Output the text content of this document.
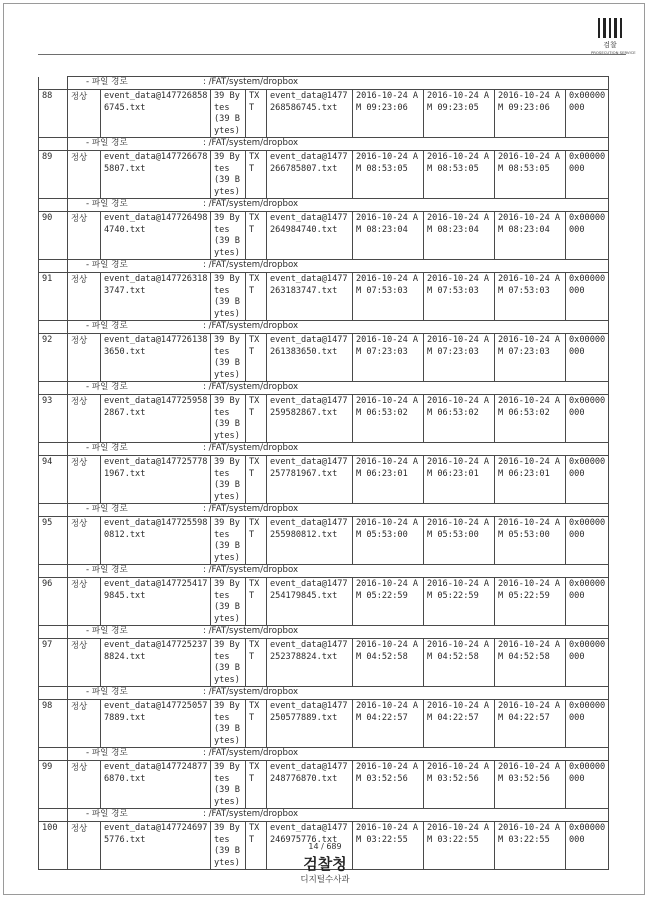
검찰
PROSECUTION SERVICE
	- 파일 경로 : /FAT/system/dropbox								
88	정상	event_data@1477268586745.txt	39 Bytes (39 Bytes)	TXT	event_data@1477268586745.txt	2016-10-24 AM 09:23:06	2016-10-24 AM 09:23:05	2016-10-24 AM 09:23:06	0x00000000
	- 파일 경로 : /FAT/system/dropbox								
89	정상	event_data@1477266785807.txt	39 Bytes (39 Bytes)	TXT	event_data@1477266785807.txt	2016-10-24 AM 08:53:05	2016-10-24 AM 08:53:05	2016-10-24 AM 08:53:05	0x00000000
	- 파일 경로 : /FAT/system/dropbox								
90	정상	event_data@1477264984740.txt	39 Bytes (39 Bytes)	TXT	event_data@1477264984740.txt	2016-10-24 AM 08:23:04	2016-10-24 AM 08:23:04	2016-10-24 AM 08:23:04	0x00000000
	- 파일 경로 : /FAT/system/dropbox								
91	정상	event_data@1477263183747.txt	39 Bytes (39 Bytes)	TXT	event_data@1477263183747.txt	2016-10-24 AM 07:53:03	2016-10-24 AM 07:53:03	2016-10-24 AM 07:53:03	0x00000000
	- 파일 경로 : /FAT/system/dropbox								
92	정상	event_data@1477261383650.txt	39 Bytes (39 Bytes)	TXT	event_data@1477261383650.txt	2016-10-24 AM 07:23:03	2016-10-24 AM 07:23:03	2016-10-24 AM 07:23:03	0x00000000
	- 파일 경로 : /FAT/system/dropbox								
93	정상	event_data@1477259582867.txt	39 Bytes (39 Bytes)	TXT	event_data@1477259582867.txt	2016-10-24 AM 06:53:02	2016-10-24 AM 06:53:02	2016-10-24 AM 06:53:02	0x00000000
	- 파일 경로 : /FAT/system/dropbox								
94	정상	event_data@1477257781967.txt	39 Bytes (39 Bytes)	TXT	event_data@1477257781967.txt	2016-10-24 AM 06:23:01	2016-10-24 AM 06:23:01	2016-10-24 AM 06:23:01	0x00000000
	- 파일 경로 : /FAT/system/dropbox								
95	정상	event_data@1477255980812.txt	39 Bytes (39 Bytes)	TXT	event_data@1477255980812.txt	2016-10-24 AM 05:53:00	2016-10-24 AM 05:53:00	2016-10-24 AM 05:53:00	0x00000000
	- 파일 경로 : /FAT/system/dropbox								
96	정상	event_data@1477254179845.txt	39 Bytes (39 Bytes)	TXT	event_data@1477254179845.txt	2016-10-24 AM 05:22:59	2016-10-24 AM 05:22:59	2016-10-24 AM 05:22:59	0x00000000
	- 파일 경로 : /FAT/system/dropbox								
97	정상	event_data@1477252378824.txt	39 Bytes (39 Bytes)	TXT	event_data@1477252378824.txt	2016-10-24 AM 04:52:58	2016-10-24 AM 04:52:58	2016-10-24 AM 04:52:58	0x00000000
	- 파일 경로 : /FAT/system/dropbox								
98	정상	event_data@1477250577889.txt	39 Bytes (39 Bytes)	TXT	event_data@1477250577889.txt	2016-10-24 AM 04:22:57	2016-10-24 AM 04:22:57	2016-10-24 AM 04:22:57	0x00000000
	- 파일 경로 : /FAT/system/dropbox								
99	정상	event_data@1477248776870.txt	39 Bytes (39 Bytes)	TXT	event_data@1477248776870.txt	2016-10-24 AM 03:52:56	2016-10-24 AM 03:52:56	2016-10-24 AM 03:52:56	0x00000000
	- 파일 경로 : /FAT/system/dropbox								
100	정상	event_data@1477246975776.txt	39 Bytes (39 Bytes)	TXT	event_data@1477246975776.txt	2016-10-24 AM 03:22:55	2016-10-24 AM 03:22:55	2016-10-24 AM 03:22:55	0x00000000
14 / 689
검찰청
디지털수사과
